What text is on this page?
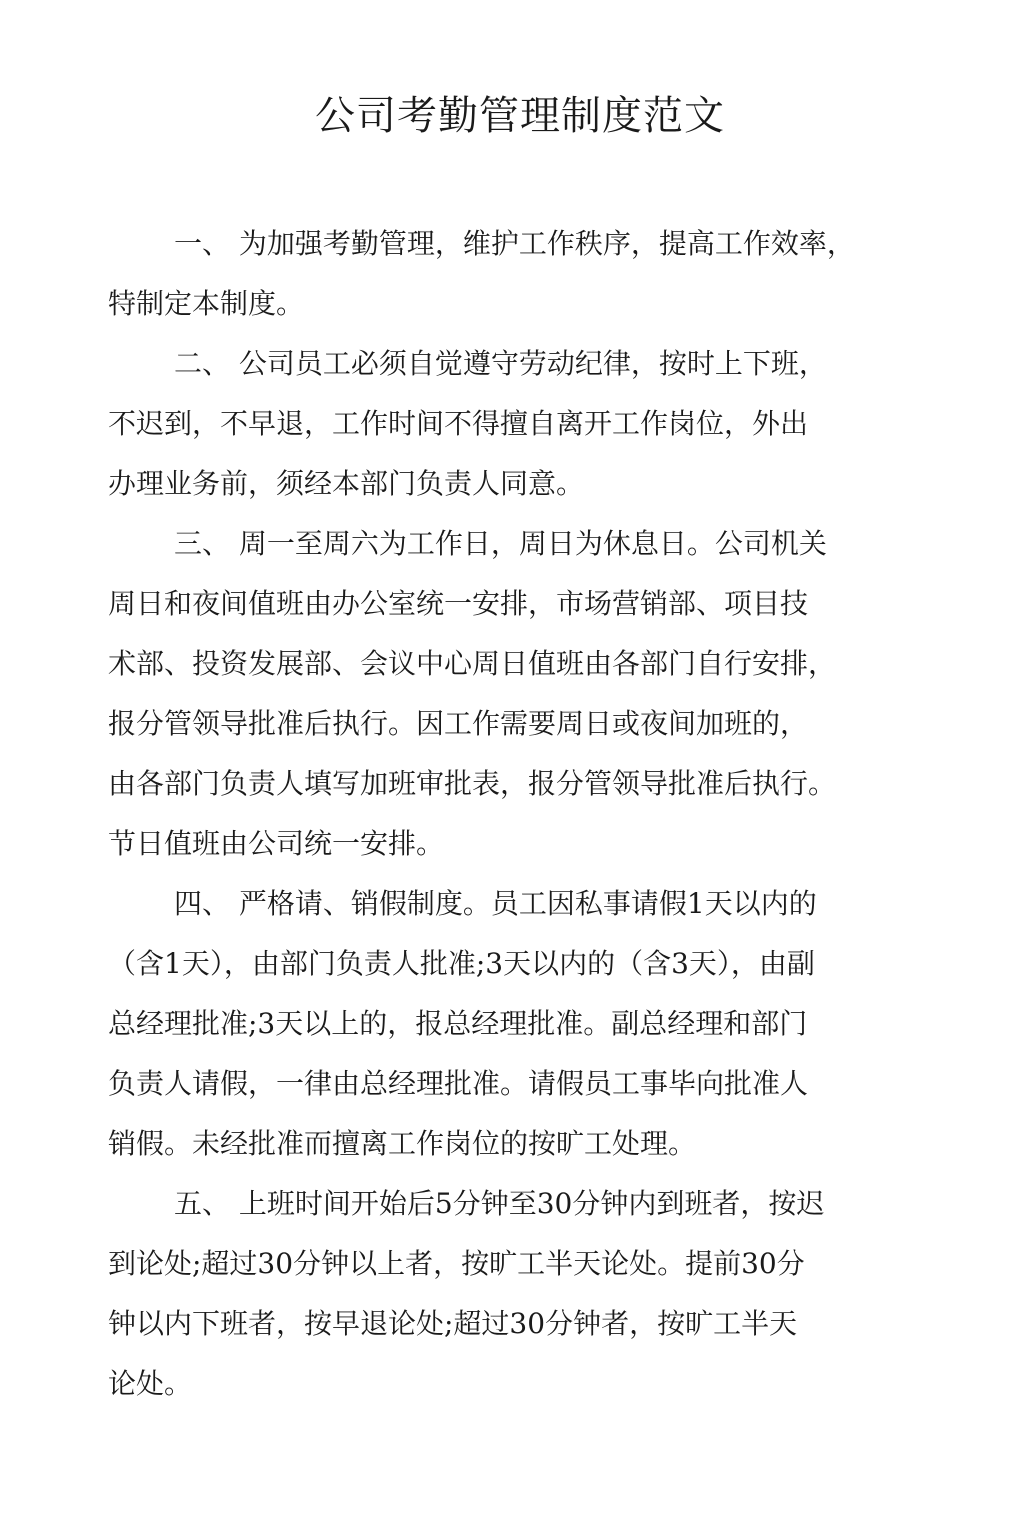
公司考勤管理制度范文
一、 为加强考勤管理，维护工作秩序，提高工作效率，
特制定本制度。
二、 公司员工必须自觉遵守劳动纪律，按时上下班，
不迟到，不早退，工作时间不得擅自离开工作岗位，外出
办理业务前，须经本部门负责人同意。
三、 周一至周六为工作日，周日为休息日。公司机关
周日和夜间值班由办公室统一安排，市场营销部、项目技
术部、投资发展部、会议中心周日值班由各部门自行安排，
报分管领导批准后执行。因工作需要周日或夜间加班的，
由各部门负责人填写加班审批表，报分管领导批准后执行。
节日值班由公司统一安排。
四、 严格请、销假制度。员工因私事请假1天以内的
（含1天），由部门负责人批准;3天以内的（含3天），由副
总经理批准;3天以上的，报总经理批准。副总经理和部门
负责人请假，一律由总经理批准。请假员工事毕向批准人
销假。未经批准而擅离工作岗位的按旷工处理。
五、 上班时间开始后5分钟至30分钟内到班者，按迟
到论处;超过30分钟以上者，按旷工半天论处。提前30分
钟以内下班者，按早退论处;超过30分钟者，按旷工半天
论处。
